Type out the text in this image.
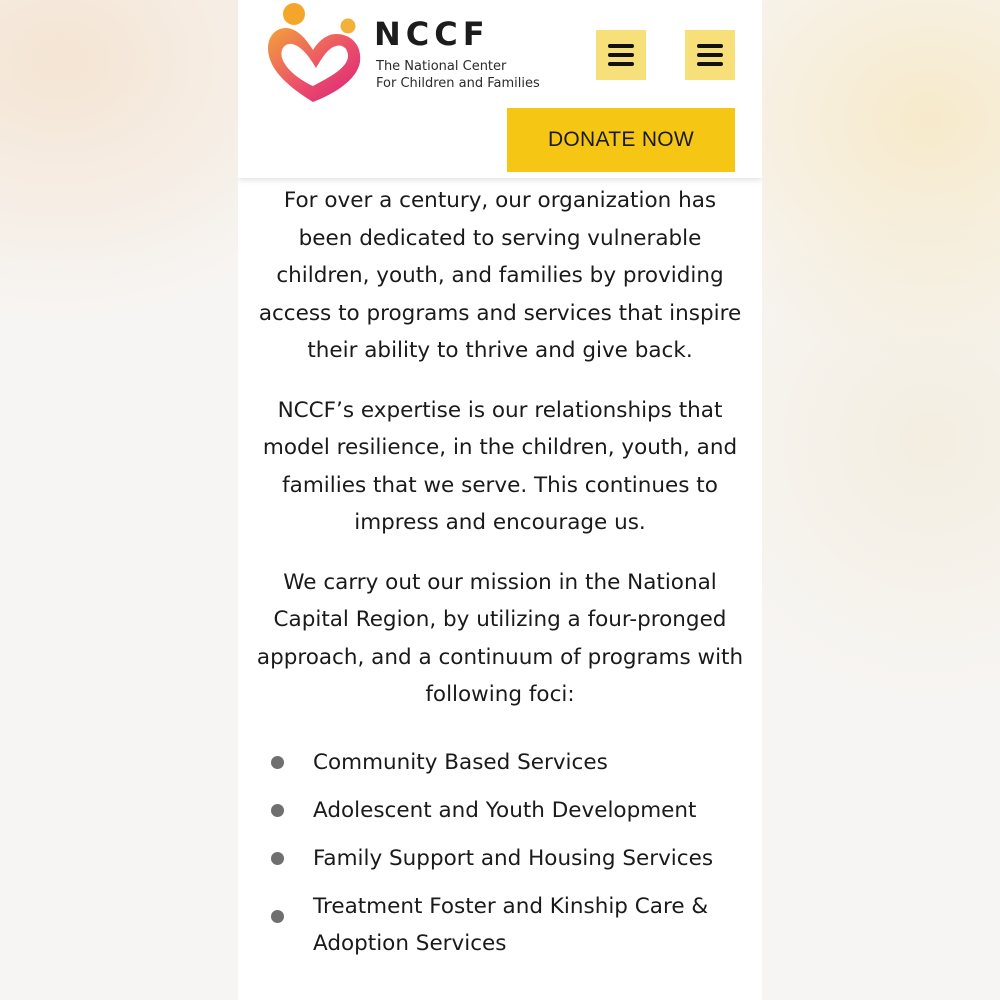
NCCF
The National Center
For Children and Families
DONATE NOW

For over a century, our organization has been dedicated to serving vulnerable children, youth, and families by providing access to programs and services that inspire their ability to thrive and give back.

NCCF’s expertise is our relationships that model resilience, in the children, youth, and families that we serve. This continues to impress and encourage us.

We carry out our mission in the National Capital Region, by utilizing a four-pronged approach, and a continuum of programs with following foci:

Community Based Services
Adolescent and Youth Development
Family Support and Housing Services
Treatment Foster and Kinship Care & Adoption Services
